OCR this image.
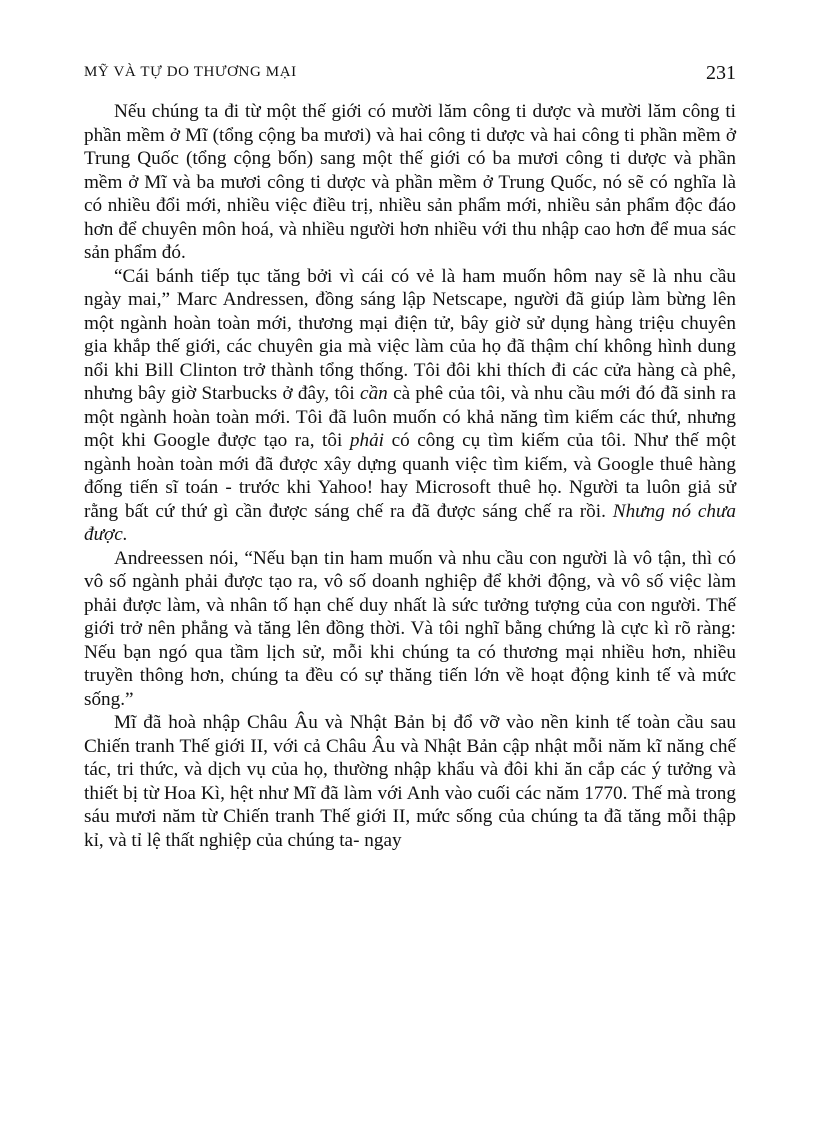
MỸ VÀ TỰ DO THƯƠNG MẠI	231

Nếu chúng ta đi từ một thế giới có mười lăm công ti dược và mười lăm công ti phần mềm ở Mĩ (tổng cộng ba mươi) và hai công ti dược và hai công ti phần mềm ở Trung Quốc (tổng cộng bốn) sang một thế giới có ba mươi công ti dược và phần mềm ở Mĩ và ba mươi công ti dược và phần mềm ở Trung Quốc, nó sẽ có nghĩa là có nhiều đổi mới, nhiều việc điều trị, nhiều sản phẩm mới, nhiều sản phẩm độc đáo hơn để chuyên môn hoá, và nhiều người hơn nhiều với thu nhập cao hơn để mua sác sản phẩm đó.

“Cái bánh tiếp tục tăng bởi vì cái có vẻ là ham muốn hôm nay sẽ là nhu cầu ngày mai,” Marc Andressen, đồng sáng lập Netscape, người đã giúp làm bừng lên một ngành hoàn toàn mới, thương mại điện tử, bây giờ sử dụng hàng triệu chuyên gia khắp thế giới, các chuyên gia mà việc làm của họ đã thậm chí không hình dung nổi khi Bill Clinton trở thành tổng thống. Tôi đôi khi thích đi các cửa hàng cà phê, nhưng bây giờ Starbucks ở đây, tôi cần cà phê của tôi, và nhu cầu mới đó đã sinh ra một ngành hoàn toàn mới. Tôi đã luôn muốn có khả năng tìm kiếm các thứ, nhưng một khi Google được tạo ra, tôi phải có công cụ tìm kiếm của tôi. Như thế một ngành hoàn toàn mới đã được xây dựng quanh việc tìm kiếm, và Google thuê hàng đống tiến sĩ toán - trước khi Yahoo! hay Microsoft thuê họ. Người ta luôn giả sử rằng bất cứ thứ gì cần được sáng chế ra đã được sáng chế ra rồi. Nhưng nó chưa được.

Andreessen nói, “Nếu bạn tin ham muốn và nhu cầu con người là vô tận, thì có vô số ngành phải được tạo ra, vô số doanh nghiệp để khởi động, và vô số việc làm phải được làm, và nhân tố hạn chế duy nhất là sức tưởng tượng của con người. Thế giới trở nên phẳng và tăng lên đồng thời. Và tôi nghĩ bằng chứng là cực kì rõ ràng: Nếu bạn ngó qua tầm lịch sử, mỗi khi chúng ta có thương mại nhiều hơn, nhiều truyền thông hơn, chúng ta đều có sự thăng tiến lớn về hoạt động kinh tế và mức sống.”

Mĩ đã hoà nhập Châu Âu và Nhật Bản bị đổ vỡ vào nền kinh tế toàn cầu sau Chiến tranh Thế giới II, với cả Châu Âu và Nhật Bản cập nhật mỗi năm kĩ năng chế tác, tri thức, và dịch vụ của họ, thường nhập khẩu và đôi khi ăn cắp các ý tưởng và thiết bị từ Hoa Kì, hệt như Mĩ đã làm với Anh vào cuối các năm 1770. Thế mà trong sáu mươi năm từ Chiến tranh Thế giới II, mức sống của chúng ta đã tăng mỗi thập kỉ, và tỉ lệ thất nghiệp của chúng ta- ngay
